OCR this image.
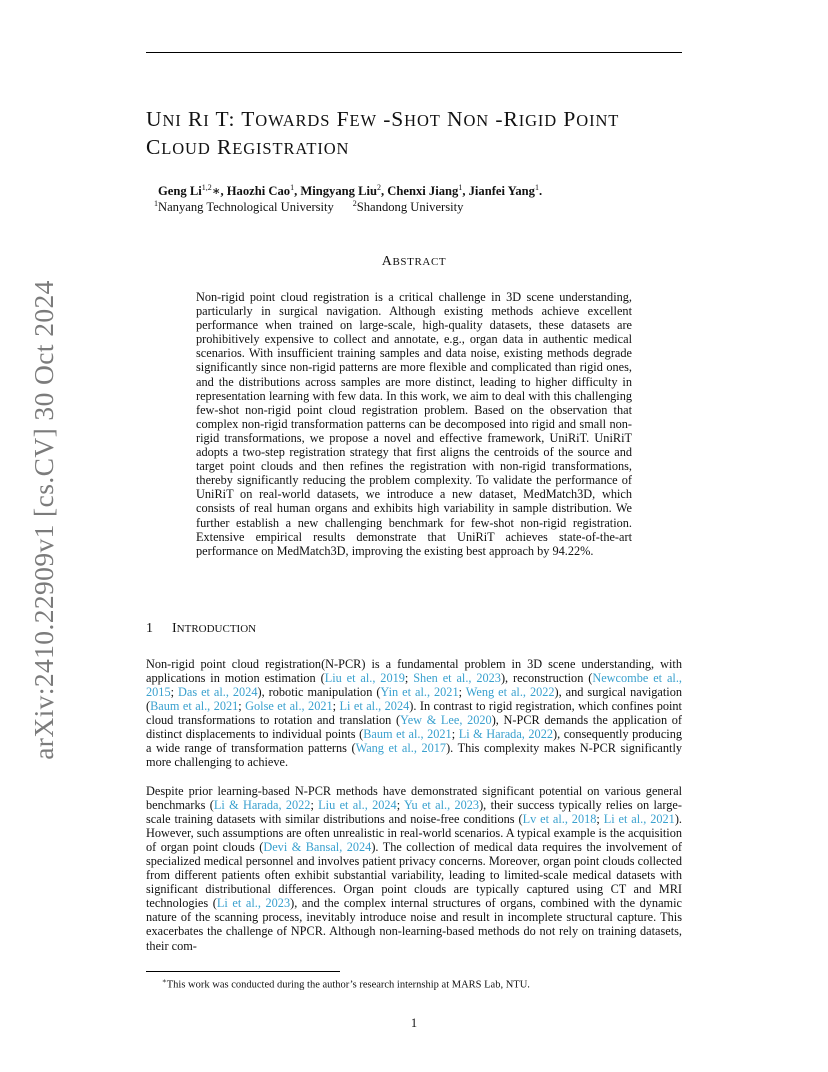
arXiv:2410.22909v1 [cs.CV] 30 Oct 2024
UNI RI T: TOWARDS FEW -SHOT NON -RIGID POINT
CLOUD REGISTRATION
Geng Li$^{1,2}$∗, Haozhi Cao$^1$, Mingyang Liu$^2$, Chenxi Jiang$^1$, Jianfei Yang$^1$.
$^1$Nanyang Technological University $^2$Shandong University
ABSTRACT

Non-rigid point cloud registration is a critical challenge in 3D scene understanding, particularly in surgical navigation. Although existing methods achieve excellent performance when trained on large-scale, high-quality datasets, these datasets are prohibitively expensive to collect and annotate, e.g., organ data in authentic medical scenarios. With insufficient training samples and data noise, existing methods degrade significantly since non-rigid patterns are more flexible and complicated than rigid ones, and the distributions across samples are more distinct, leading to higher difficulty in representation learning with few data. In this work, we aim to deal with this challenging few-shot non-rigid point cloud registration problem. Based on the observation that complex non-rigid transformation patterns can be decomposed into rigid and small non-rigid transformations, we propose a novel and effective framework, UniRiT. UniRiT adopts a two-step registration strategy that first aligns the centroids of the source and target point clouds and then refines the registration with non-rigid transformations, thereby significantly reducing the problem complexity. To validate the performance of UniRiT on real-world datasets, we introduce a new dataset, MedMatch3D, which consists of real human organs and exhibits high variability in sample distribution. We further establish a new challenging benchmark for few-shot non-rigid registration. Extensive empirical results demonstrate that UniRiT achieves state-of-the-art performance on MedMatch3D, improving the existing best approach by 94.22%.

1 INTRODUCTION

Non-rigid point cloud registration(N-PCR) is a fundamental problem in 3D scene understanding, with applications in motion estimation (Liu et al., 2019; Shen et al., 2023), reconstruction (Newcombe et al., 2015; Das et al., 2024), robotic manipulation (Yin et al., 2021; Weng et al., 2022), and surgical navigation (Baum et al., 2021; Golse et al., 2021; Li et al., 2024). In contrast to rigid registration, which confines point cloud transformations to rotation and translation (Yew & Lee, 2020), N-PCR demands the application of distinct displacements to individual points (Baum et al., 2021; Li & Harada, 2022), consequently producing a wide range of transformation patterns (Wang et al., 2017). This complexity makes N-PCR significantly more challenging to achieve.

Despite prior learning-based N-PCR methods have demonstrated significant potential on various general benchmarks (Li & Harada, 2022; Liu et al., 2024; Yu et al., 2023), their success typically relies on large-scale training datasets with similar distributions and noise-free conditions (Lv et al., 2018; Li et al., 2021). However, such assumptions are often unrealistic in real-world scenarios. A typical example is the acquisition of organ point clouds (Devi & Bansal, 2024). The collection of medical data requires the involvement of specialized medical personnel and involves patient privacy concerns. Moreover, organ point clouds collected from different patients often exhibit substantial variability, leading to limited-scale medical datasets with significant distributional differences. Organ point clouds are typically captured using CT and MRI technologies (Li et al., 2023), and the complex internal structures of organs, combined with the dynamic nature of the scanning process, inevitably introduce noise and result in incomplete structural capture. This exacerbates the challenge of NPCR. Although non-learning-based methods do not rely on training datasets, their com-

∗This work was conducted during the author’s research internship at MARS Lab, NTU.
1
